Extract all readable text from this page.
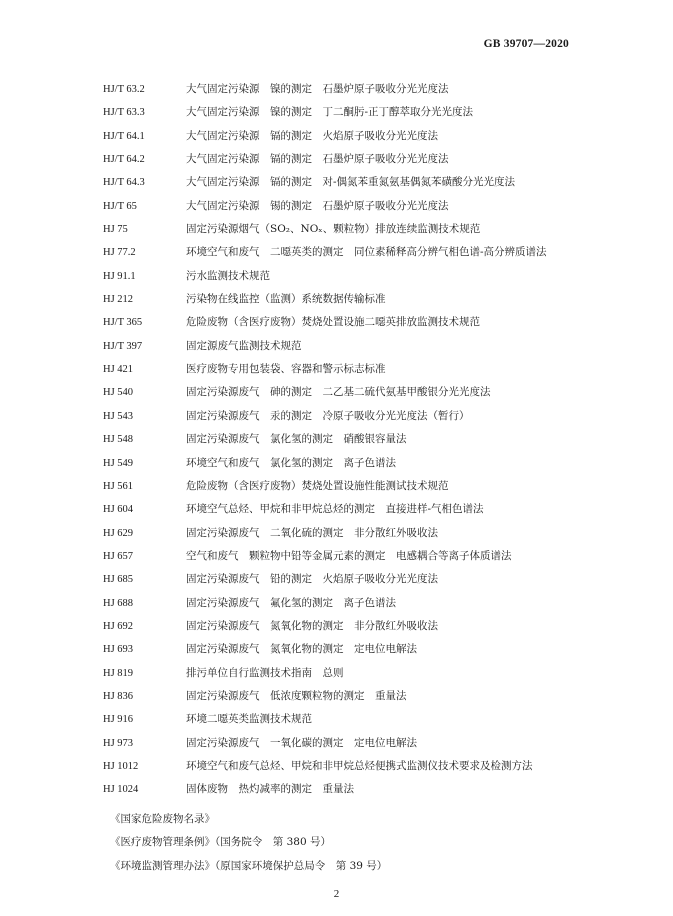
GB 39707—2020
HJ/T 63.2	大气固定污染源　镍的测定　石墨炉原子吸收分光光度法
HJ/T 63.3	大气固定污染源　镍的测定　丁二酮肟-正丁醇萃取分光光度法
HJ/T 64.1	大气固定污染源　镉的测定　火焰原子吸收分光光度法
HJ/T 64.2	大气固定污染源　镉的测定　石墨炉原子吸收分光光度法
HJ/T 64.3	大气固定污染源　镉的测定　对-偶氮苯重氮氨基偶氮苯磺酸分光光度法
HJ/T 65	大气固定污染源　锡的测定　石墨炉原子吸收分光光度法
HJ 75	固定污染源烟气（SO₂、NOₓ、颗粒物）排放连续监测技术规范
HJ 77.2	环境空气和废气　二噁英类的测定　同位素稀释高分辨气相色谱-高分辨质谱法
HJ 91.1	污水监测技术规范
HJ 212	污染物在线监控（监测）系统数据传输标准
HJ/T 365	危险废物（含医疗废物）焚烧处置设施二噁英排放监测技术规范
HJ/T 397	固定源废气监测技术规范
HJ 421	医疗废物专用包装袋、容器和警示标志标准
HJ 540	固定污染源废气　砷的测定　二乙基二硫代氨基甲酸银分光光度法
HJ 543	固定污染源废气　汞的测定　冷原子吸收分光光度法（暂行）
HJ 548	固定污染源废气　氯化氢的测定　硝酸银容量法
HJ 549	环境空气和废气　氯化氢的测定　离子色谱法
HJ 561	危险废物（含医疗废物）焚烧处置设施性能测试技术规范
HJ 604	环境空气总烃、甲烷和非甲烷总烃的测定　直接进样-气相色谱法
HJ 629	固定污染源废气　二氧化硫的测定　非分散红外吸收法
HJ 657	空气和废气　颗粒物中铅等金属元素的测定　电感耦合等离子体质谱法
HJ 685	固定污染源废气　铅的测定　火焰原子吸收分光光度法
HJ 688	固定污染源废气　氟化氢的测定　离子色谱法
HJ 692	固定污染源废气　氮氧化物的测定　非分散红外吸收法
HJ 693	固定污染源废气　氮氧化物的测定　定电位电解法
HJ 819	排污单位自行监测技术指南　总则
HJ 836	固定污染源废气　低浓度颗粒物的测定　重量法
HJ 916	环境二噁英类监测技术规范
HJ 973	固定污染源废气　一氧化碳的测定　定电位电解法
HJ 1012	环境空气和废气总烃、甲烷和非甲烷总烃便携式监测仪技术要求及检测方法
HJ 1024	固体废物　热灼减率的测定　重量法
《国家危险废物名录》
《医疗废物管理条例》（国务院令　第 380 号）
《环境监测管理办法》（原国家环境保护总局令　第 39 号）
2
